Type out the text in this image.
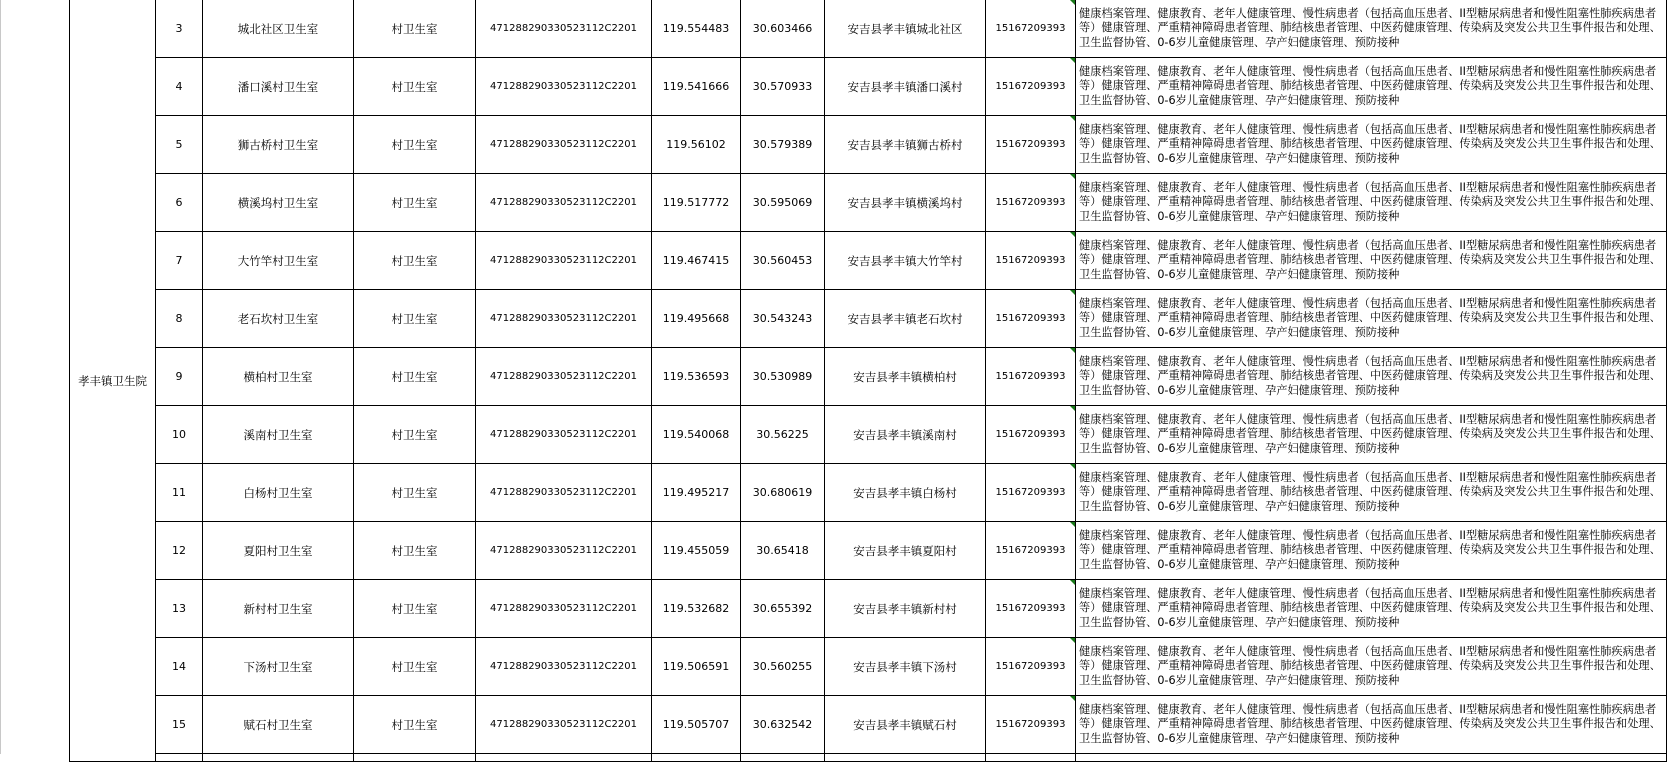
孝丰镇卫生院	3	城北社区卫生室	村卫生室	471288290330523112C2201	119.554483	30.603466	安吉县孝丰镇城北社区	15167209393	健康档案管理、健康教育、老年人健康管理、慢性病患者（包括高血压患者、II型糖尿病患者和慢性阻塞性肺疾病患者等）健康管理、严重精神障碍患者管理、肺结核患者管理、中医药健康管理、传染病及突发公共卫生事件报告和处理、卫生监督协管、0-6岁儿童健康管理、孕产妇健康管理、预防接种
	4	潘口溪村卫生室	村卫生室	471288290330523112C2201	119.541666	30.570933	安吉县孝丰镇潘口溪村	15167209393	健康档案管理、健康教育、老年人健康管理、慢性病患者（包括高血压患者、II型糖尿病患者和慢性阻塞性肺疾病患者等）健康管理、严重精神障碍患者管理、肺结核患者管理、中医药健康管理、传染病及突发公共卫生事件报告和处理、卫生监督协管、0-6岁儿童健康管理、孕产妇健康管理、预防接种
	5	狮古桥村卫生室	村卫生室	471288290330523112C2201	119.56102	30.579389	安吉县孝丰镇狮古桥村	15167209393	健康档案管理、健康教育、老年人健康管理、慢性病患者（包括高血压患者、II型糖尿病患者和慢性阻塞性肺疾病患者等）健康管理、严重精神障碍患者管理、肺结核患者管理、中医药健康管理、传染病及突发公共卫生事件报告和处理、卫生监督协管、0-6岁儿童健康管理、孕产妇健康管理、预防接种
	6	横溪坞村卫生室	村卫生室	471288290330523112C2201	119.517772	30.595069	安吉县孝丰镇横溪坞村	15167209393	健康档案管理、健康教育、老年人健康管理、慢性病患者（包括高血压患者、II型糖尿病患者和慢性阻塞性肺疾病患者等）健康管理、严重精神障碍患者管理、肺结核患者管理、中医药健康管理、传染病及突发公共卫生事件报告和处理、卫生监督协管、0-6岁儿童健康管理、孕产妇健康管理、预防接种
	7	大竹竿村卫生室	村卫生室	471288290330523112C2201	119.467415	30.560453	安吉县孝丰镇大竹竿村	15167209393	健康档案管理、健康教育、老年人健康管理、慢性病患者（包括高血压患者、II型糖尿病患者和慢性阻塞性肺疾病患者等）健康管理、严重精神障碍患者管理、肺结核患者管理、中医药健康管理、传染病及突发公共卫生事件报告和处理、卫生监督协管、0-6岁儿童健康管理、孕产妇健康管理、预防接种
	8	老石坎村卫生室	村卫生室	471288290330523112C2201	119.495668	30.543243	安吉县孝丰镇老石坎村	15167209393	健康档案管理、健康教育、老年人健康管理、慢性病患者（包括高血压患者、II型糖尿病患者和慢性阻塞性肺疾病患者等）健康管理、严重精神障碍患者管理、肺结核患者管理、中医药健康管理、传染病及突发公共卫生事件报告和处理、卫生监督协管、0-6岁儿童健康管理、孕产妇健康管理、预防接种
	9	横柏村卫生室	村卫生室	471288290330523112C2201	119.536593	30.530989	安吉县孝丰镇横柏村	15167209393	健康档案管理、健康教育、老年人健康管理、慢性病患者（包括高血压患者、II型糖尿病患者和慢性阻塞性肺疾病患者等）健康管理、严重精神障碍患者管理、肺结核患者管理、中医药健康管理、传染病及突发公共卫生事件报告和处理、卫生监督协管、0-6岁儿童健康管理、孕产妇健康管理、预防接种
	10	溪南村卫生室	村卫生室	471288290330523112C2201	119.540068	30.56225	安吉县孝丰镇溪南村	15167209393	健康档案管理、健康教育、老年人健康管理、慢性病患者（包括高血压患者、II型糖尿病患者和慢性阻塞性肺疾病患者等）健康管理、严重精神障碍患者管理、肺结核患者管理、中医药健康管理、传染病及突发公共卫生事件报告和处理、卫生监督协管、0-6岁儿童健康管理、孕产妇健康管理、预防接种
	11	白杨村卫生室	村卫生室	471288290330523112C2201	119.495217	30.680619	安吉县孝丰镇白杨村	15167209393	健康档案管理、健康教育、老年人健康管理、慢性病患者（包括高血压患者、II型糖尿病患者和慢性阻塞性肺疾病患者等）健康管理、严重精神障碍患者管理、肺结核患者管理、中医药健康管理、传染病及突发公共卫生事件报告和处理、卫生监督协管、0-6岁儿童健康管理、孕产妇健康管理、预防接种
	12	夏阳村卫生室	村卫生室	471288290330523112C2201	119.455059	30.65418	安吉县孝丰镇夏阳村	15167209393	健康档案管理、健康教育、老年人健康管理、慢性病患者（包括高血压患者、II型糖尿病患者和慢性阻塞性肺疾病患者等）健康管理、严重精神障碍患者管理、肺结核患者管理、中医药健康管理、传染病及突发公共卫生事件报告和处理、卫生监督协管、0-6岁儿童健康管理、孕产妇健康管理、预防接种
	13	新村村卫生室	村卫生室	471288290330523112C2201	119.532682	30.655392	安吉县孝丰镇新村村	15167209393	健康档案管理、健康教育、老年人健康管理、慢性病患者（包括高血压患者、II型糖尿病患者和慢性阻塞性肺疾病患者等）健康管理、严重精神障碍患者管理、肺结核患者管理、中医药健康管理、传染病及突发公共卫生事件报告和处理、卫生监督协管、0-6岁儿童健康管理、孕产妇健康管理、预防接种
	14	下汤村卫生室	村卫生室	471288290330523112C2201	119.506591	30.560255	安吉县孝丰镇下汤村	15167209393	健康档案管理、健康教育、老年人健康管理、慢性病患者（包括高血压患者、II型糖尿病患者和慢性阻塞性肺疾病患者等）健康管理、严重精神障碍患者管理、肺结核患者管理、中医药健康管理、传染病及突发公共卫生事件报告和处理、卫生监督协管、0-6岁儿童健康管理、孕产妇健康管理、预防接种
	15	赋石村卫生室	村卫生室	471288290330523112C2201	119.505707	30.632542	安吉县孝丰镇赋石村	15167209393	健康档案管理、健康教育、老年人健康管理、慢性病患者（包括高血压患者、II型糖尿病患者和慢性阻塞性肺疾病患者等）健康管理、严重精神障碍患者管理、肺结核患者管理、中医药健康管理、传染病及突发公共卫生事件报告和处理、卫生监督协管、0-6岁儿童健康管理、孕产妇健康管理、预防接种
